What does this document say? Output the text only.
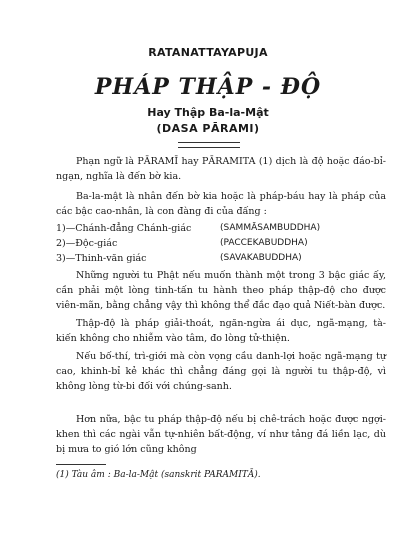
RATANATTAYAPUJA
PHÁP THẬP - ĐỘ
Hay Thập Ba-la-Mật
(DASA PĀRAMI)

Phạn ngữ là PĀRAMĪ hay PĀRAMITA (1) dịch là độ hoặc đáo-bỉ-ngạn, nghĩa là đến bờ kia.

Ba-la-mật là nhân đến bờ kia hoặc là pháp-báu hay là pháp của các bậc cao-nhân, là con đàng đi của đấng :

1)—Chánh-đẳng Chánh-giác	(SAMMĀSAMBUDDHA)
2)—Độc-giác	(PACCEKABUDDHA)
3)—Thinh-văn giác	(SAVAKABUDDHA)

Những người tu Phật nếu muốn thành một trong 3 bậc giác ấy, cần phải một lòng tinh-tấn tu hành theo pháp thập-độ cho được viên-mãn, bằng chẳng vậy thì không thể đắc đạo quả Niết-bàn được.

Thập-độ là pháp giải-thoát, ngăn-ngừa ái dục, ngã-mạng, tà-kiến không cho nhiễm vào tâm, đo lòng tử-thiện.

Nếu bố-thí, trì-giới mà còn vọng cầu danh-lợi hoặc ngã-mạng tự cao, khinh-bỉ kẻ khác thì chẳng đáng gọi là người tu thập-độ, vì không lòng từ-bi đối với chúng-sanh.

Hơn nữa, bậc tu pháp thập-độ nếu bị chê-trách hoặc được ngợi-khen thì các ngài vẫn tự-nhiên bất-động, ví như tảng đá liền lạc, dù bị mưa to gió lớn cũng không

(1) Tàu âm : Ba-la-Mật (sanskrit PARAMITĀ).
